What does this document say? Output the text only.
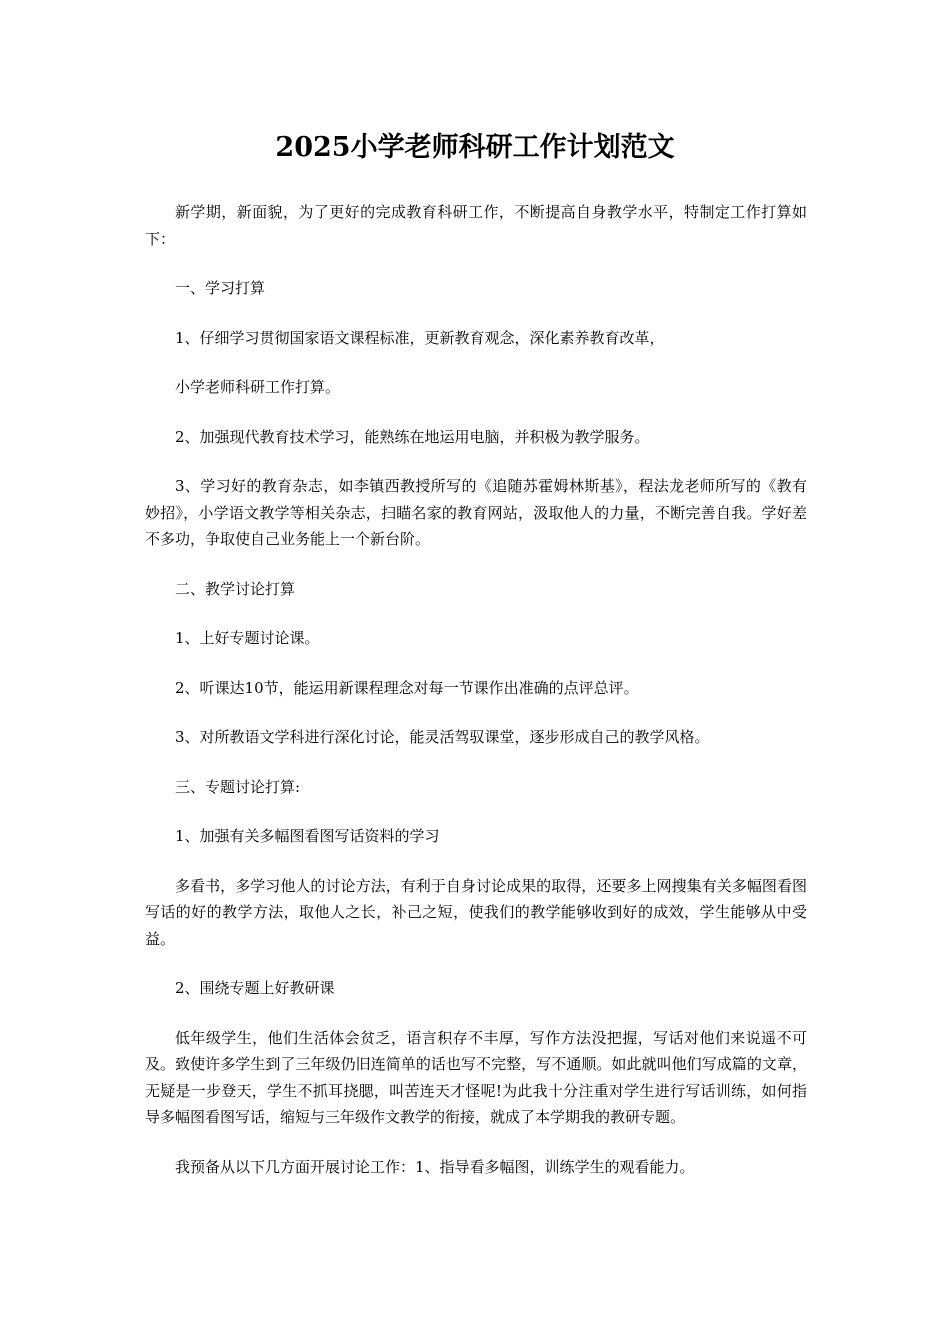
2025小学老师科研工作计划范文

新学期，新面貌，为了更好的完成教育科研工作，不断提高自身教学水平，特制定工作打算如下：

一、学习打算

1、仔细学习贯彻国家语文课程标准，更新教育观念，深化素养教育改革，

小学老师科研工作打算。

2、加强现代教育技术学习，能熟练在地运用电脑，并积极为教学服务。

3、学习好的教育杂志，如李镇西教授所写的《追随苏霍姆林斯基》，程法龙老师所写的《教有妙招》，小学语文教学等相关杂志，扫瞄名家的教育网站，汲取他人的力量，不断完善自我。学好差不多功，争取使自己业务能上一个新台阶。

二、教学讨论打算

1、上好专题讨论课。

2、听课达10节，能运用新课程理念对每一节课作出准确的点评总评。

3、对所教语文学科进行深化讨论，能灵活驾驭课堂，逐步形成自己的教学风格。

三、专题讨论打算:

1、加强有关多幅图看图写话资料的学习

多看书，多学习他人的讨论方法，有利于自身讨论成果的取得，还要多上网搜集有关多幅图看图写话的好的教学方法，取他人之长，补己之短，使我们的教学能够收到好的成效，学生能够从中受益。

2、围绕专题上好教研课

低年级学生，他们生活体会贫乏，语言积存不丰厚，写作方法没把握，写话对他们来说遥不可及。致使许多学生到了三年级仍旧连简单的话也写不完整，写不通顺。如此就叫他们写成篇的文章，无疑是一步登天，学生不抓耳挠腮，叫苦连天才怪呢!为此我十分注重对学生进行写话训练，如何指导多幅图看图写话，缩短与三年级作文教学的衔接，就成了本学期我的教研专题。

我预备从以下几方面开展讨论工作：1、指导看多幅图，训练学生的观看能力。
